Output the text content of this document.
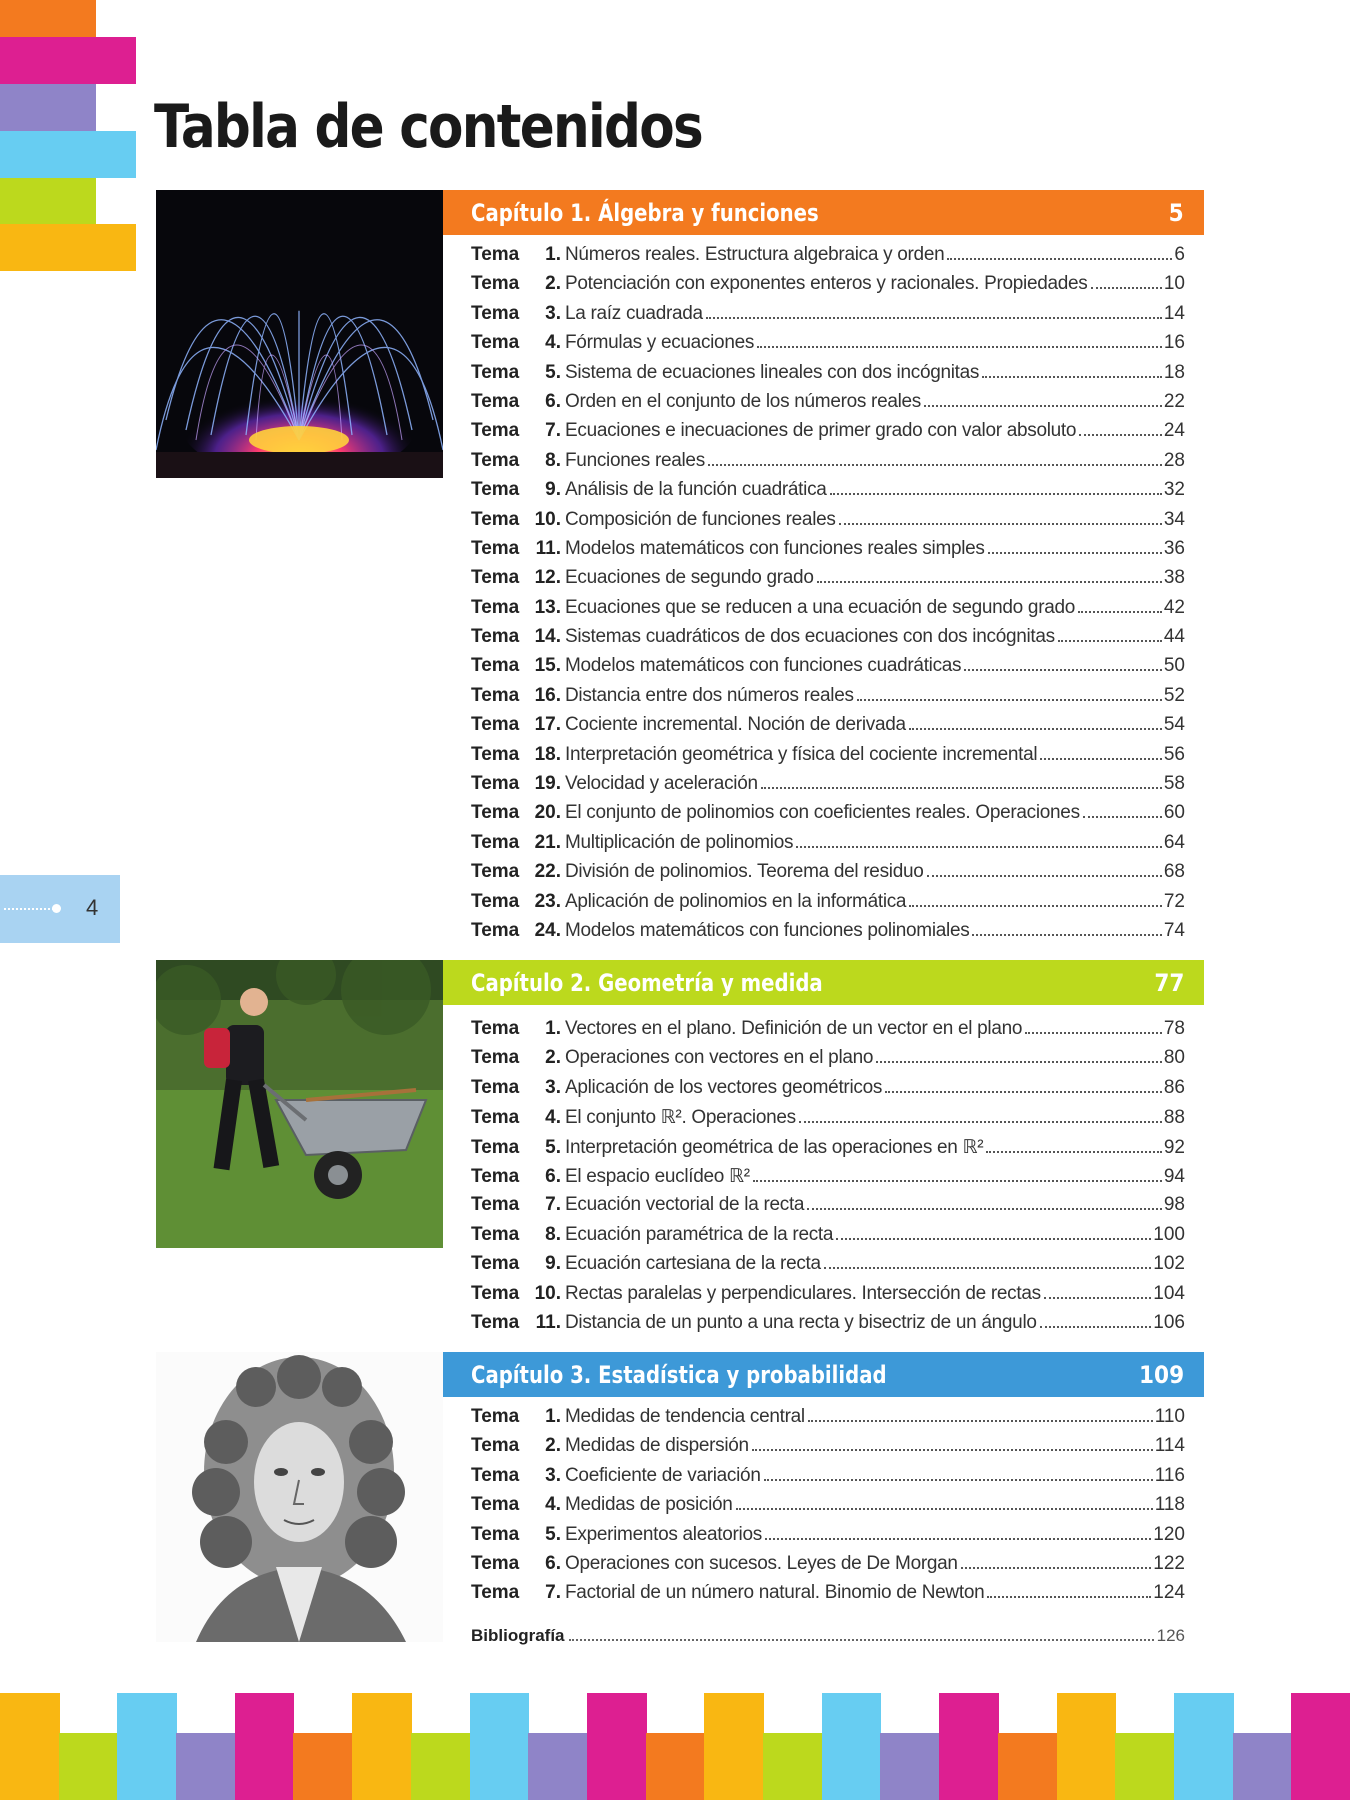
Tabla de contenidos
Capítulo 1. Álgebra y funciones	5
Tema	1. Números reales. Estructura algebraica y orden	6
Tema	2. Potenciación con exponentes enteros y racionales. Propiedades	10
Tema	3. La raíz cuadrada	14
Tema	4. Fórmulas y ecuaciones	16
Tema	5. Sistema de ecuaciones lineales con dos incógnitas	18
Tema	6. Orden en el conjunto de los números reales	22
Tema	7. Ecuaciones e inecuaciones de primer grado con valor absoluto	24
Tema	8. Funciones reales	28
Tema	9. Análisis de la función cuadrática	32
Tema 10. Composición de funciones reales	34
Tema 11. Modelos matemáticos con funciones reales simples	36
Tema 12. Ecuaciones de segundo grado	38
Tema 13. Ecuaciones que se reducen a una ecuación de segundo grado	42
Tema 14. Sistemas cuadráticos de dos ecuaciones con dos incógnitas	44
Tema 15. Modelos matemáticos con funciones cuadráticas	50
Tema 16. Distancia entre dos números reales	52
Tema 17. Cociente incremental. Noción de derivada	54
Tema 18. Interpretación geométrica y física del cociente incremental	56
Tema 19. Velocidad y aceleración	58
Tema 20. El conjunto de polinomios con coeficientes reales. Operaciones	60
Tema 21. Multiplicación de polinomios	64
Tema 22. División de polinomios. Teorema del residuo	68
Tema 23. Aplicación de polinomios en la informática	72
Tema 24. Modelos matemáticos con funciones polinomiales	74
4
Capítulo 2. Geometría y medida	77
Tema	1. Vectores en el plano. Definición de un vector en el plano	78
Tema	2. Operaciones con vectores en el plano	80
Tema	3. Aplicación de los vectores geométricos	86
Tema	4. El conjunto ℝ². Operaciones	88
Tema	5. Interpretación geométrica de las operaciones en ℝ²	92
Tema	6. El espacio euclídeo ℝ²	94
Tema	7. Ecuación vectorial de la recta	98
Tema	8. Ecuación paramétrica de la recta	100
Tema	9. Ecuación cartesiana de la recta	102
Tema 10. Rectas paralelas y perpendiculares. Intersección de rectas	104
Tema 11. Distancia de un punto a una recta y bisectriz de un ángulo	106
Capítulo 3. Estadística y probabilidad	109
Tema	1. Medidas de tendencia central	110
Tema	2. Medidas de dispersión	114
Tema	3. Coeficiente de variación	116
Tema	4. Medidas de posición	118
Tema	5. Experimentos aleatorios	120
Tema	6. Operaciones con sucesos. Leyes de De Morgan	122
Tema	7. Factorial de un número natural. Binomio de Newton	124
Bibliografía	126
